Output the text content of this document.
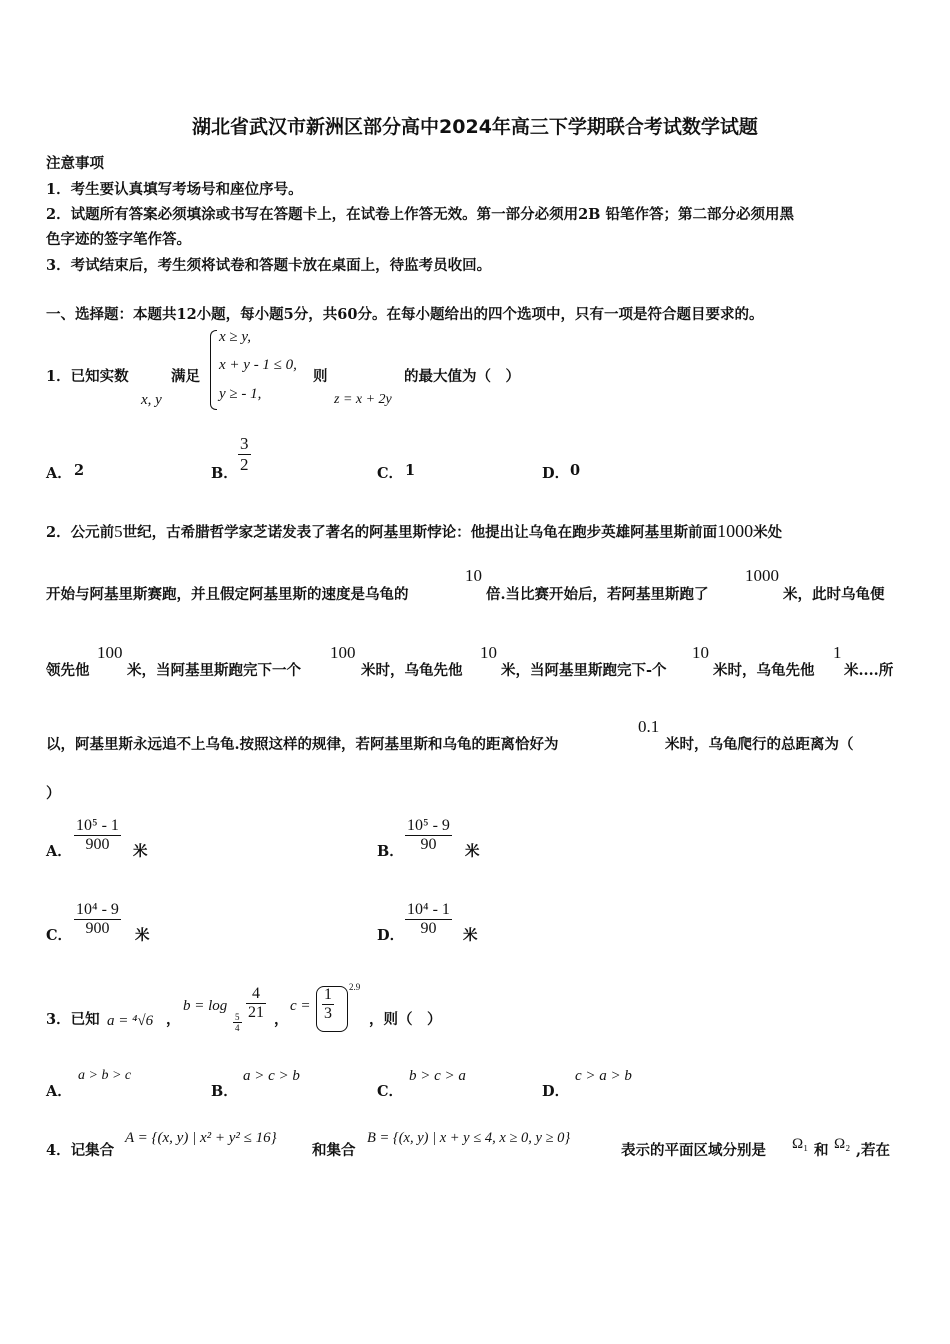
湖北省武汉市新洲区部分高中2024年高三下学期联合考试数学试题
注意事项
1．考生要认真填写考场号和座位序号。
2．试题所有答案必须填涂或书写在答题卡上，在试卷上作答无效。第一部分必须用2B 铅笔作答；第二部分必须用黑
色字迹的签字笔作答。
3．考试结束后，考生须将试卷和答题卡放在桌面上，待监考员收回。
一、选择题：本题共12小题，每小题5分，共60分。在每小题给出的四个选项中，只有一项是符合题目要求的。
1．已知实数
x, y
满足
x ≥ y,
x + y - 1 ≤ 0,
y ≥ - 1,
则
z = x + 2y
的最大值为（　）
A． 2	B． $\frac{3}{2}$	C． 1	D． 0
2．公元前5世纪，古希腊哲学家芝诺发表了著名的阿基里斯悖论：他提出让乌龟在跑步英雄阿基里斯前面1000米处
开始与阿基里斯赛跑，并且假定阿基里斯的速度是乌龟的
10
倍.当比赛开始后，若阿基里斯跑了
1000
米，此时乌龟便
领先他
100
米，当阿基里斯跑完下一个
100
米时，乌龟先他
10
米，当阿基里斯跑完下-个
10
米时，乌龟先他
1
米....所
以，阿基里斯永远追不上乌龟.按照这样的规律，若阿基里斯和乌龟的距离恰好为
0.1
米时，乌龟爬行的总距离为（
）
A． $\frac{\text{10⁵ - 1}}{900}$ 米	B． $\frac{\text{10⁵ - 9}}{90}$ 米
C． $\frac{\text{10⁴ - 9}}{900}$ 米	D． $\frac{\text{10⁴ - 1}}{90}$ 米
3．已知 a = ⁴√6 ，
b = log
$\frac{5}{4}$
$\frac{4}{21}$ ，
$c = \frac{1}{3} 2.9$
，则（　）
A．
a > b > c
B．
a > c > b
C．
b > c > a
D．
c > a > b
4．记集合
A = {(x, y) | x² + y² ≤ 16}
和集合
B = {(x, y) | x + y ≤ 4, x ≥ 0, y ≥ 0}
表示的平面区域分别是 Ω₁ 和 Ω₂ ,若在
